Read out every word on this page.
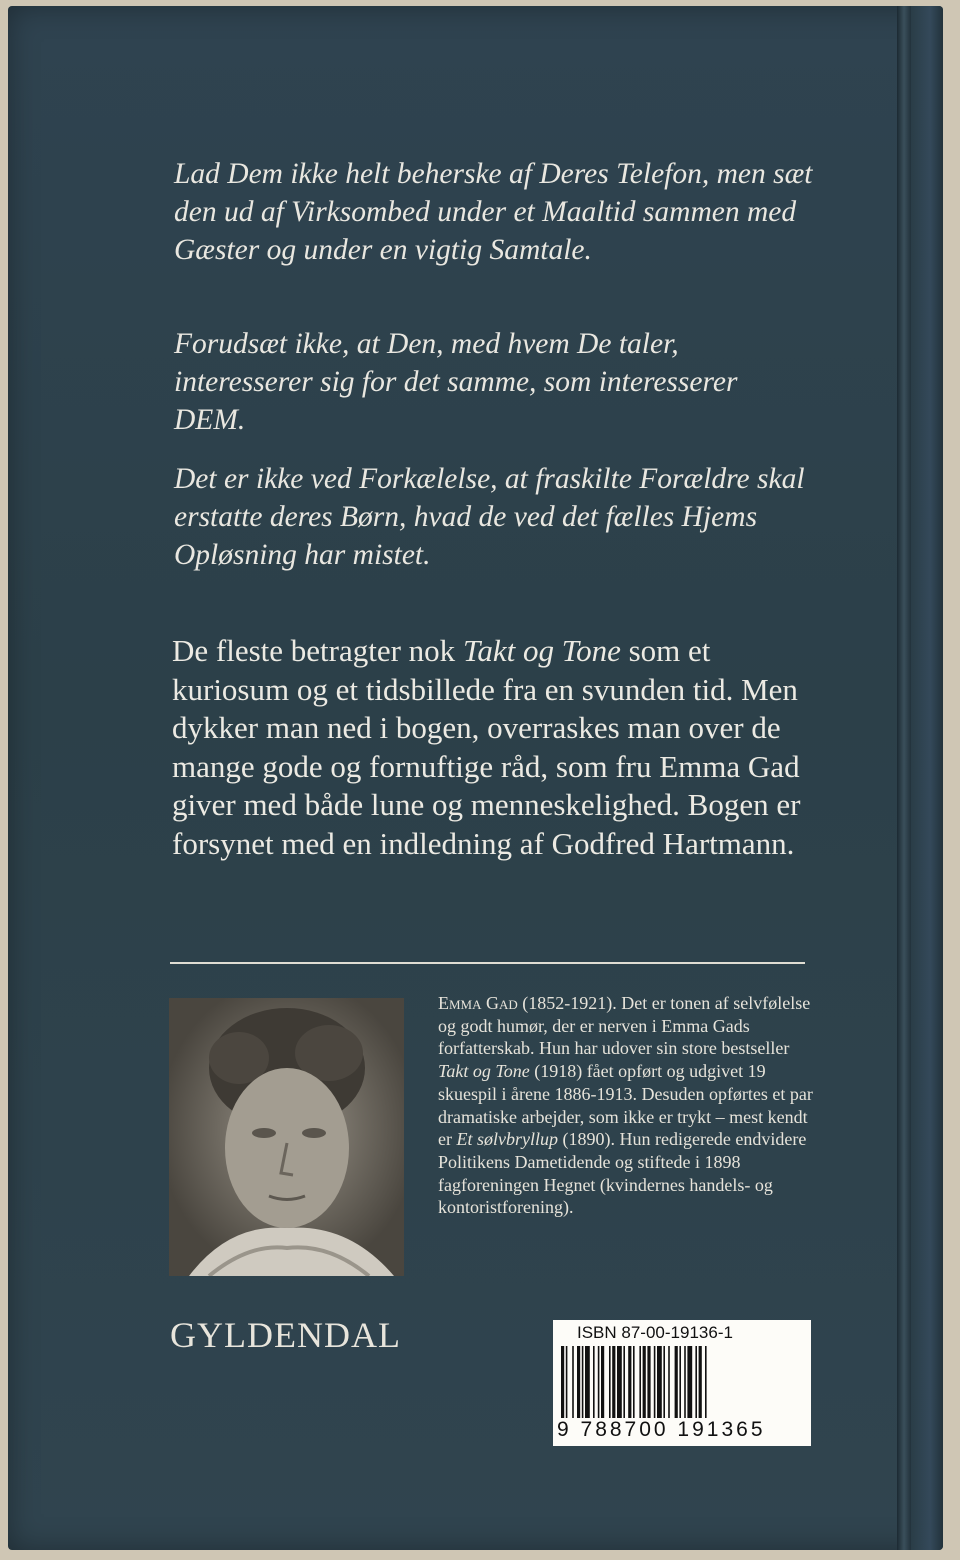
Lad Dem ikke helt beherske af Deres Telefon, men sæt den ud af Virksombed under et Maaltid sammen med Gæster og under en vigtig Samtale.

Forudsæt ikke, at Den, med hvem De taler, interesserer sig for det samme, som interesserer DEM.

Det er ikke ved Forkælelse, at fraskilte Forældre skal erstatte deres Børn, hvad de ved det fælles Hjems Opløsning har mistet.

De fleste betragter nok Takt og Tone som et kuriosum og et tidsbillede fra en svunden tid. Men dykker man ned i bogen, overraskes man over de mange gode og fornuftige råd, som fru Emma Gad giver med både lune og menneskelighed. Bogen er forsynet med en indledning af Godfred Hartmann.

Emma Gad (1852-1921). Det er tonen af selvfølelse og godt humør, der er nerven i Emma Gads forfatterskab. Hun har udover sin store bestseller Takt og Tone (1918) fået opført og udgivet 19 skuespil i årene 1886-1913. Desuden opførtes et par dramatiske arbejder, som ikke er trykt – mest kendt er Et sølvbryllup (1890). Hun redigerede endvidere Politikens Dametidende og stiftede i 1898 fagforeningen Hegnet (kvindernes handels- og kontoristforening).

GYLDENDAL	ISBN 87-00-19136-1
9 788700 191365
